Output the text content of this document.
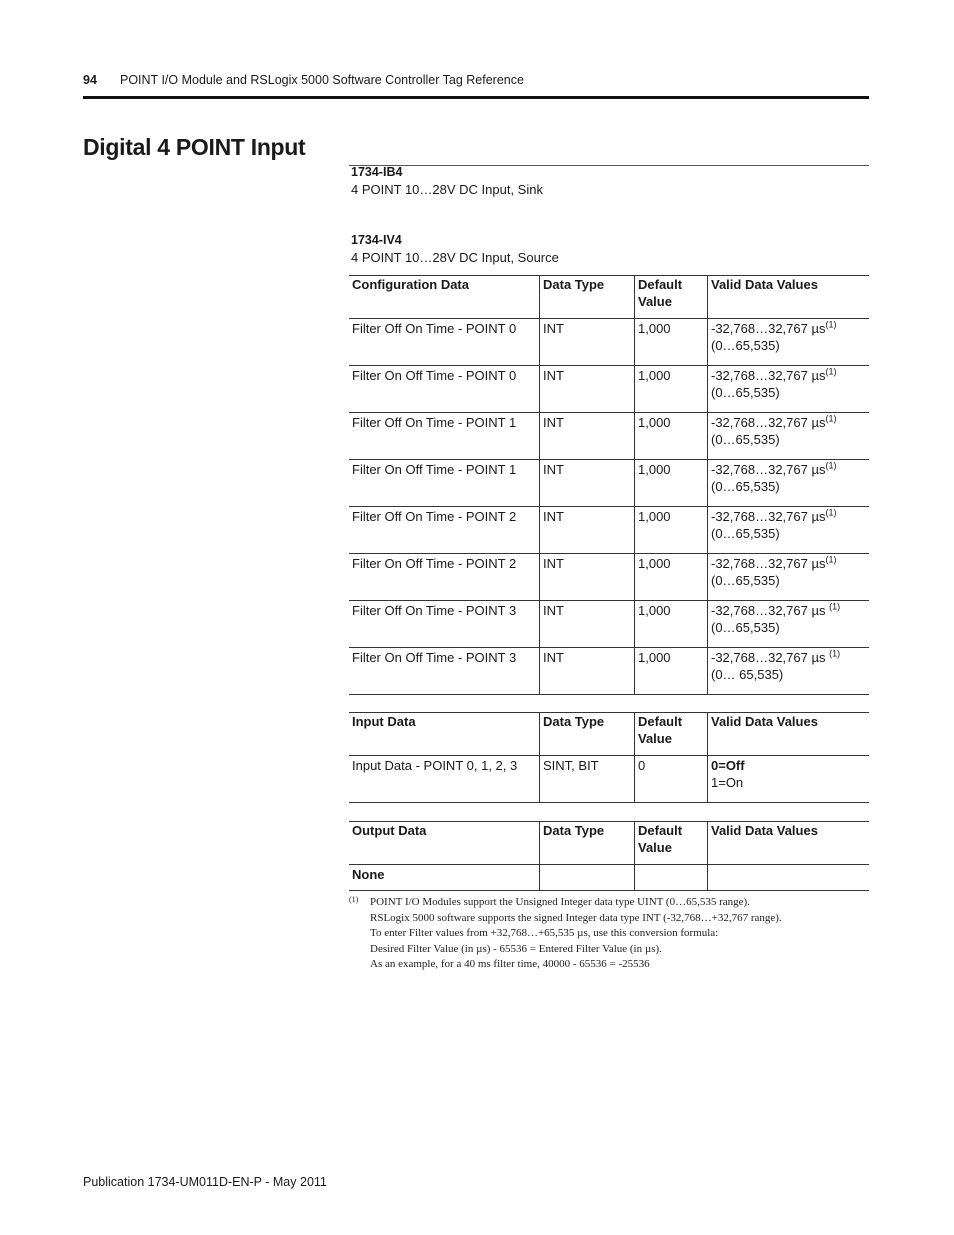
94 POINT I/O Module and RSLogix 5000 Software Controller Tag Reference
Digital 4 POINT Input
1734-IB4
4 POINT 10…28V DC Input, Sink
1734-IV4
4 POINT 10…28V DC Input, Source
Configuration Data	Data Type	Default Value	Valid Data Values
Filter Off On Time - POINT 0	INT	1,000	-32,768…32,767 µs$^{(1)}$
(0…65,535)
Filter On Off Time - POINT 0	INT	1,000	-32,768…32,767 µs$^{(1)}$
(0…65,535)
Filter Off On Time - POINT 1	INT	1,000	-32,768…32,767 µs$^{(1)}$
(0…65,535)
Filter On Off Time - POINT 1	INT	1,000	-32,768…32,767 µs$^{(1)}$
(0…65,535)
Filter Off On Time - POINT 2	INT	1,000	-32,768…32,767 µs$^{(1)}$
(0…65,535)
Filter On Off Time - POINT 2	INT	1,000	-32,768…32,767 µs$^{(1)}$
(0…65,535)
Filter Off On Time - POINT 3	INT	1,000	-32,768…32,767 µs $^{(1)}$
(0…65,535)
Filter On Off Time - POINT 3	INT	1,000	-32,768…32,767 µs $^{(1)}$
(0… 65,535)
Input Data	Data Type	Default Value	Valid Data Values
Input Data - POINT 0, 1, 2, 3	SINT, BIT	0	0=Off
1=On
Output Data	Data Type	Default Value	Valid Data Values
None			
(1) POINT I/O Modules support the Unsigned Integer data type UINT (0…65,535 range).
RSLogix 5000 software supports the signed Integer data type INT (-32,768…+32,767 range).
To enter Filter values from +32,768…+65,535 µs, use this conversion formula:
Desired Filter Value (in µs) - 65536 = Entered Filter Value (in µs).
As an example, for a 40 ms filter time, 40000 - 65536 = -25536
Publication 1734-UM011D-EN-P - May 2011
